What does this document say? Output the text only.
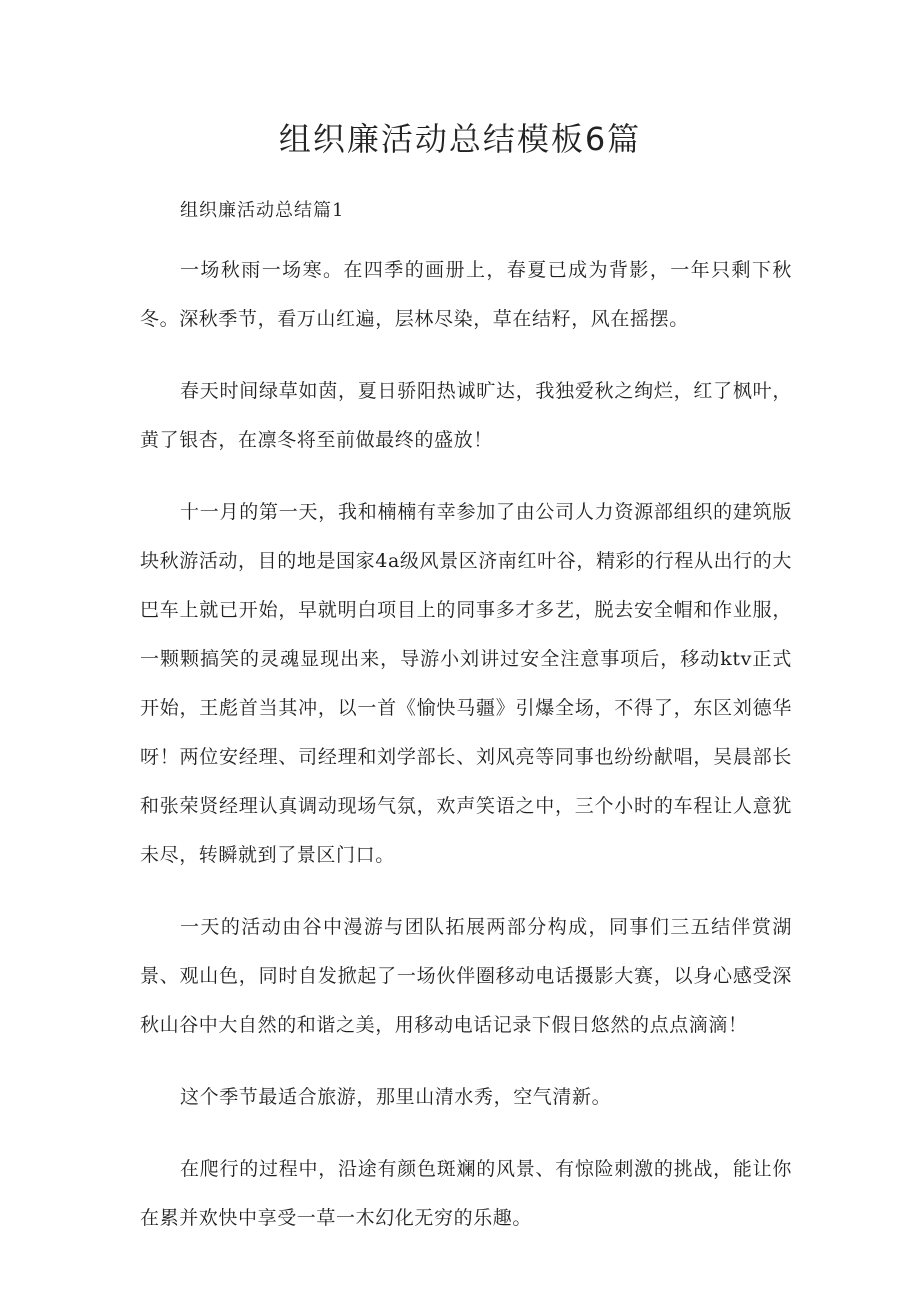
组织廉活动总结模板6篇
组织廉活动总结篇1

一场秋雨一场寒。在四季的画册上，春夏已成为背影，一年只剩下秋冬。深秋季节，看万山红遍，层林尽染，草在结籽，风在摇摆。

春天时间绿草如茵，夏日骄阳热诚旷达，我独爱秋之绚烂，红了枫叶，黄了银杏，在凛冬将至前做最终的盛放！

十一月的第一天，我和楠楠有幸参加了由公司人力资源部组织的建筑版块秋游活动，目的地是国家4a级风景区济南红叶谷，精彩的行程从出行的大巴车上就已开始，早就明白项目上的同事多才多艺，脱去安全帽和作业服，一颗颗搞笑的灵魂显现出来，导游小刘讲过安全注意事项后，移动ktv正式开始，王彪首当其冲，以一首《愉快马疆》引爆全场，不得了，东区刘德华呀！两位安经理、司经理和刘学部长、刘风亮等同事也纷纷献唱，吴晨部长和张荣贤经理认真调动现场气氛，欢声笑语之中，三个小时的车程让人意犹未尽，转瞬就到了景区门口。

一天的活动由谷中漫游与团队拓展两部分构成，同事们三五结伴赏湖景、观山色，同时自发掀起了一场伙伴圈移动电话摄影大赛，以身心感受深秋山谷中大自然的和谐之美，用移动电话记录下假日悠然的点点滴滴！

这个季节最适合旅游，那里山清水秀，空气清新。

在爬行的过程中，沿途有颜色斑斓的风景、有惊险刺激的挑战，能让你在累并欢快中享受一草一木幻化无穷的乐趣。
